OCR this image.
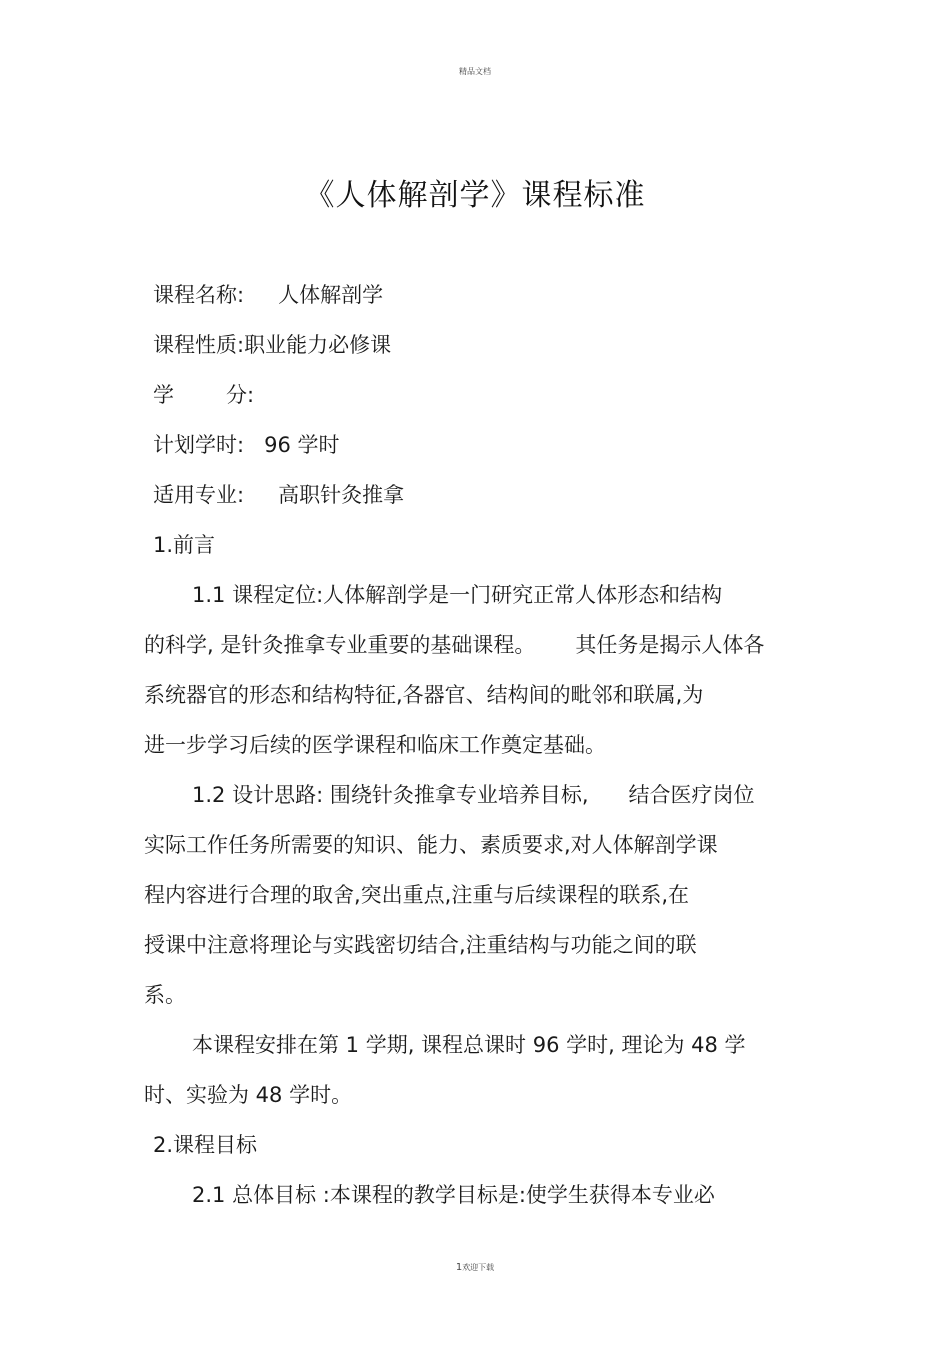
精品文档
《人体解剖学》课程标准
课程名称: 人体解剖学
课程性质:职业能力必修课
学 分:
计划学时: 96 学时
适用专业: 高职针灸推拿
1.前言
1.1 课程定位:人体解剖学是一门研究正常人体形态和结构
的科学, 是针灸推拿专业重要的基础课程。 其任务是揭示人体各
系统器官的形态和结构特征,各器官、结构间的毗邻和联属,为
进一步学习后续的医学课程和临床工作奠定基础。
1.2 设计思路: 围绕针灸推拿专业培养目标, 结合医疗岗位
实际工作任务所需要的知识、能力、素质要求,对人体解剖学课
程内容进行合理的取舍,突出重点,注重与后续课程的联系,在
授课中注意将理论与实践密切结合,注重结构与功能之间的联
系。
本课程安排在第 1 学期, 课程总课时 96 学时, 理论为 48 学
时、实验为 48 学时。
2.课程目标
2.1 总体目标 :本课程的教学目标是:使学生获得本专业必
1欢迎下载
